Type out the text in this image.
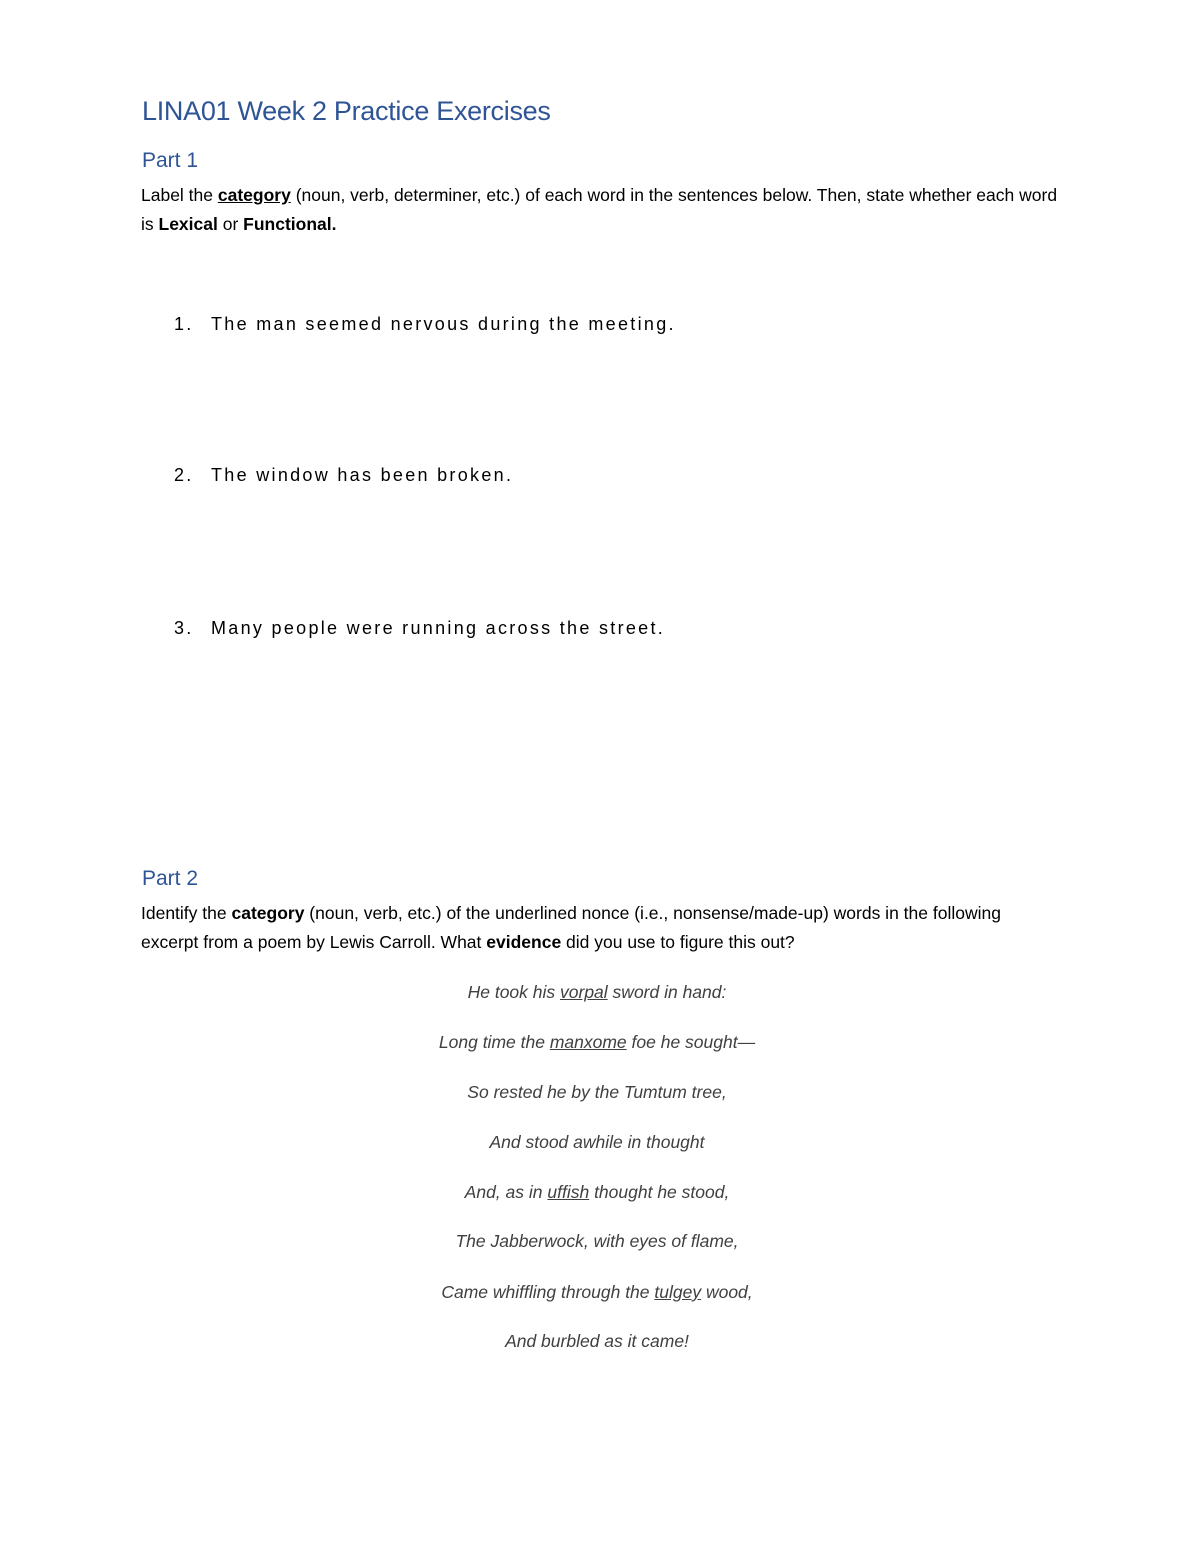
LINA01 Week 2 Practice Exercises
Part 1
Label the category (noun, verb, determiner, etc.) of each word in the sentences below. Then, state whether each word is Lexical or Functional.
1. The man seemed nervous during the meeting.
2. The window has been broken.
3. Many people were running across the street.
Part 2
Identify the category (noun, verb, etc.) of the underlined nonce (i.e., nonsense/made-up) words in the following excerpt from a poem by Lewis Carroll. What evidence did you use to figure this out?
He took his vorpal sword in hand:
Long time the manxome foe he sought—
So rested he by the Tumtum tree,
And stood awhile in thought
And, as in uffish thought he stood,
The Jabberwock, with eyes of flame,
Came whiffling through the tulgey wood,
And burbled as it came!
